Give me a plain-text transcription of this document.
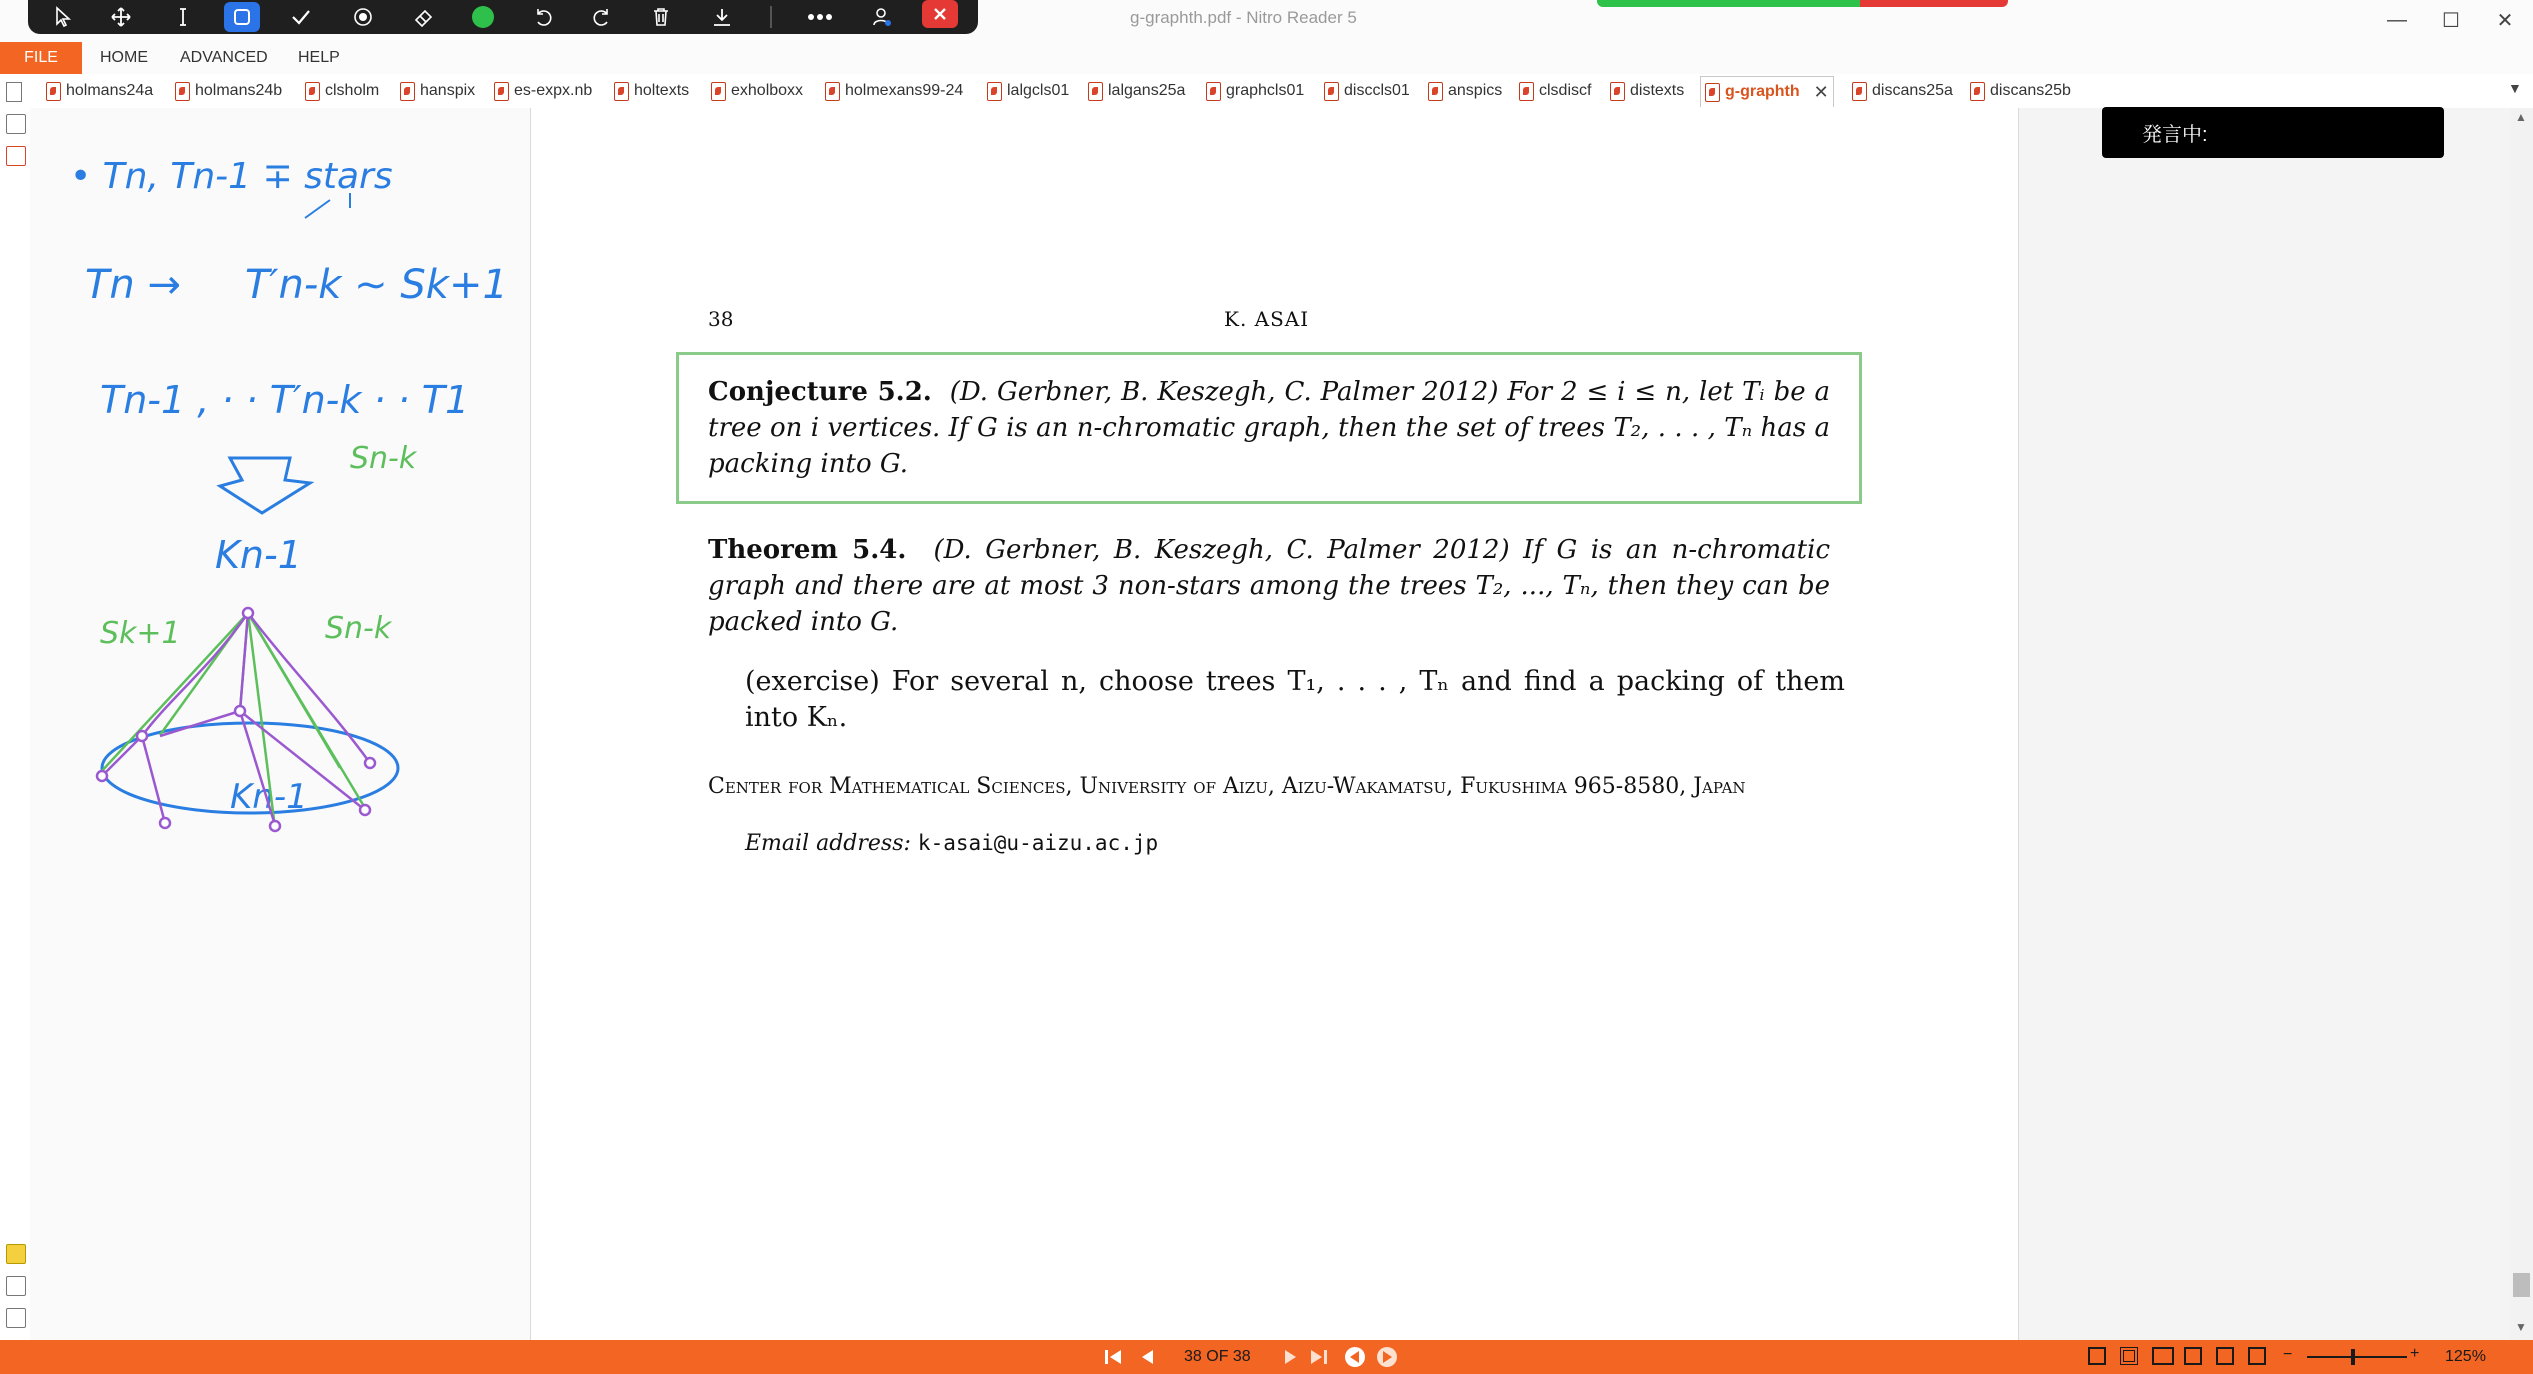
g-graphth.pdf - Nitro Reader 5	—	☐	✕
FILE	HOME ADVANCED HELP
holmans24a	holmans24b	clsholm	hanspix es-expx.nb	holtexts	exholboxx	holmexans99-24	lalgcls01 lalgans25a	graphcls01 disccls01 anspics clsdiscf distexts	g-graphth ✕	discans25a discans25b	▼
• Tn, Tn-1 ∓ stars
Tn → T′n-k ∼ Sk+1
Tn-1 , · · T′n-k · · T1
Sn-k
Kn-1
Sk+1	Sn-k
Kn-1
38	K. ASAI
Conjecture 5.2. (D. Gerbner, B. Keszegh, C. Palmer 2012) For 2 ≤ i ≤ n, let Tᵢ be a tree on i vertices. If G is an n-chromatic graph, then the set of trees T₂, . . . , Tₙ has a packing into G.
Theorem 5.4. (D. Gerbner, B. Keszegh, C. Palmer 2012) If G is an n-chromatic graph and there are at most 3 non-stars among the trees T₂, ..., Tₙ, then they can be packed into G.
(exercise) For several n, choose trees T₁, . . . , Tₙ and find a packing of them into Kₙ.
Center for Mathematical Sciences, University of Aizu, Aizu-Wakamatsu, Fukushima 965-8580, Japan
Email address: k-asai@u-aizu.ac.jp
発言中:
▲
▼
38 OF 38	−	+ 125%
